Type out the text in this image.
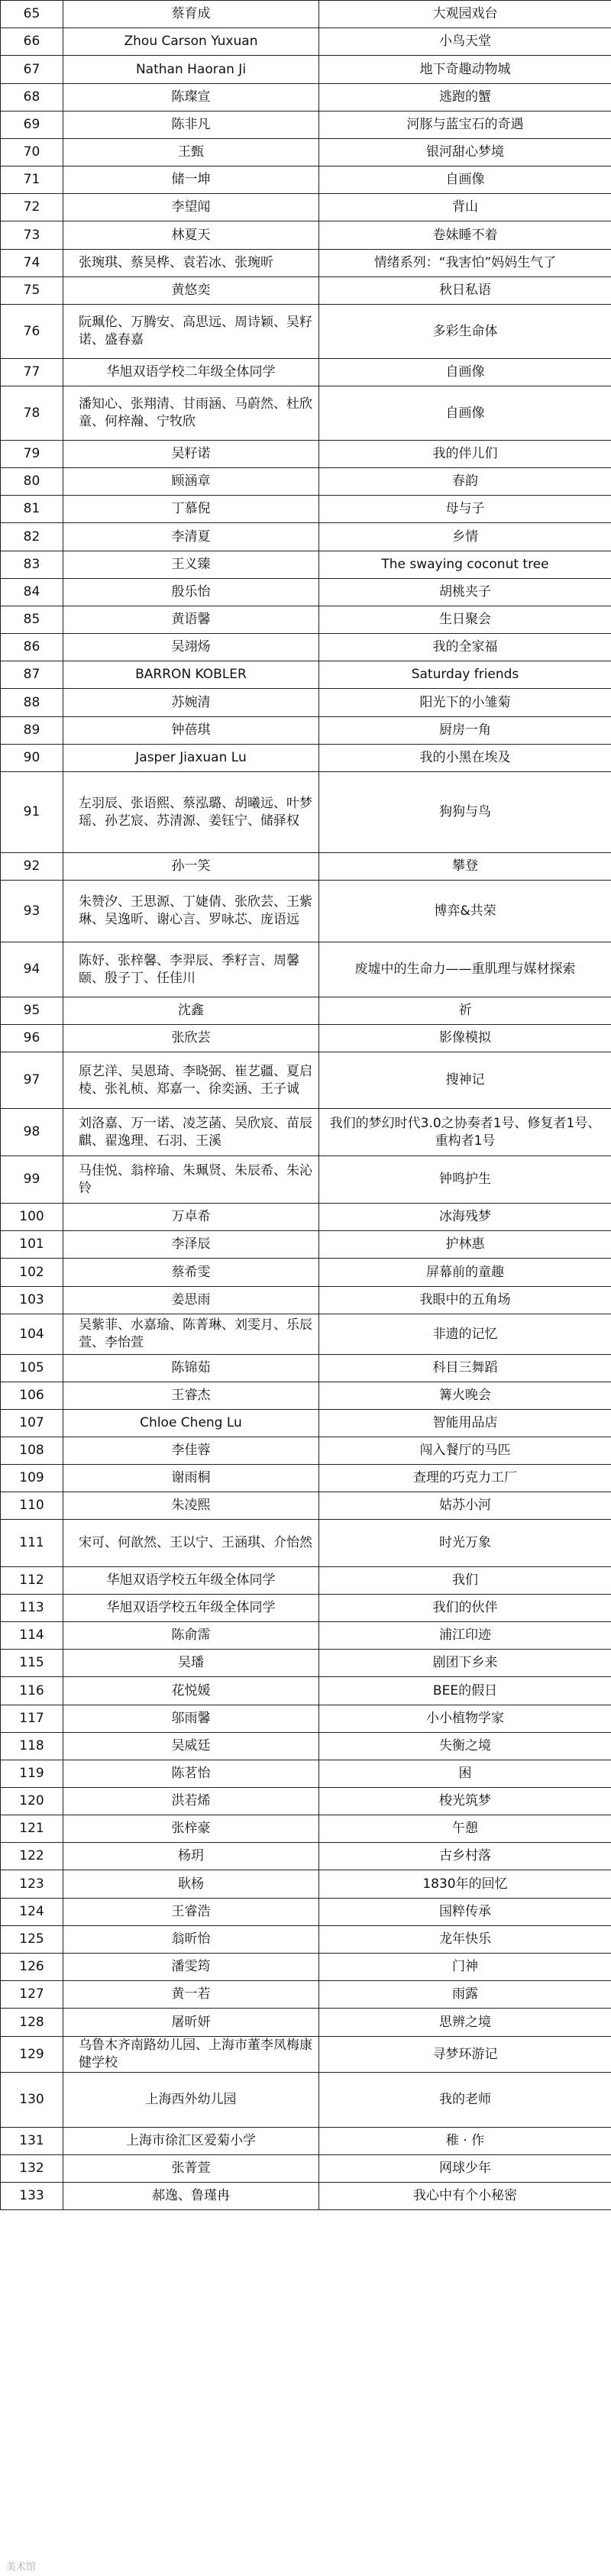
65	蔡育成	大观园戏台
66	Zhou Carson Yuxuan	小鸟天堂
67	Nathan Haoran Ji	地下奇趣动物城
68	陈璨宣	逃跑的蟹
69	陈非凡	河豚与蓝宝石的奇遇
70	王甄	银河甜心梦境
71	储一坤	自画像
72	李望闻	背山
73	林夏天	卷妹睡不着
74	张琬琪、蔡昊桦、袁若冰、张琬昕	情绪系列：“我害怕”妈妈生气了
75	黄悠奕	秋日私语
76	阮珮伦、万腾安、高思远、周诗颖、吴籽诺、盛春嘉	多彩生命体
77	华旭双语学校二年级全体同学	自画像
78	潘知心、张翔清、甘雨涵、马蔚然、杜欣童、何梓瀚、宁牧欣	自画像
79	吴籽诺	我的伴儿们
80	顾涵章	春韵
81	丁慕倪	母与子
82	李清夏	乡情
83	王义臻	The swaying coconut tree
84	殷乐怡	胡桃夹子
85	黄语馨	生日聚会
86	吴翊炀	我的全家福
87	BARRON KOBLER	Saturday friends
88	苏婉清	阳光下的小雏菊
89	钟蓓琪	厨房一角
90	Jasper Jiaxuan Lu	我的小黑在埃及
91	左羽辰、张语熙、蔡泓璐、胡曦远、叶梦瑶、孙艺宸、苏清源、姜钰宁、储驿权	狗狗与鸟
92	孙一笑	攀登
93	朱赞汐、王思源、丁婕倩、张欣芸、王紫琳、吴逸昕、谢心言、罗咏芯、庞语远	博弈&共荣
94	陈妤、张梓馨、李羿辰、季籽言、周馨颐、殷子丁、任佳川	废墟中的生命力——重肌理与媒材探索
95	沈鑫	祈
96	张欣芸	影像模拟
97	原艺洋、吴恩琦、李晓弼、崔艺疆、夏启棱、张礼桢、郑嘉一、徐奕涵、王子诚	搜神记
98	刘洛嘉、万一诺、凌芝菡、吴欣宸、苗辰麒、翟逸理、石羽、王溪	我们的梦幻时代3.0之协奏者1号、修复者1号、重构者1号
99	马佳悦、翁梓瑜、朱珮贤、朱辰希、朱沁铃	钟鸣护生
100	万卓希	冰海残梦
101	李泽辰	护林惠
102	蔡希雯	屏幕前的童趣
103	姜思雨	我眼中的五角场
104	吴紫菲、水嘉瑜、陈菁琳、刘雯月、乐辰萱、李怡萱	非遗的记忆
105	陈锦茹	科目三舞蹈
106	王睿杰	篝火晚会
107	Chloe Cheng Lu	智能用品店
108	李佳蓉	闯入餐厅的马匹
109	谢雨桐	查理的巧克力工厂
110	朱凌熙	姑苏小河
111	宋可、何歆然、王以宁、王涵琪、介怡然	时光万象
112	华旭双语学校五年级全体同学	我们
113	华旭双语学校五年级全体同学	我们的伙伴
114	陈俞霈	浦江印迹
115	吴璠	剧团下乡来
116	花悦媛	BEE的假日
117	邬雨馨	小小植物学家
118	吴威廷	失衡之境
119	陈茗怡	困
120	洪若烯	梭光筑梦
121	张梓豪	午憩
122	杨玥	古乡村落
123	耿杨	1830年的回忆
124	王睿浩	国粹传承
125	翁昕怡	龙年快乐
126	潘雯筠	门神
127	黄一若	雨露
128	屠昕妍	思辨之境
129	乌鲁木齐南路幼儿园、上海市董李凤梅康健学校	寻梦环游记
130	上海西外幼儿园	我的老师
131	上海市徐汇区爱菊小学	稚 · 作
132	张菁萱	网球少年
133	郝逸、鲁瑾冉	我心中有个小秘密
美术馆
